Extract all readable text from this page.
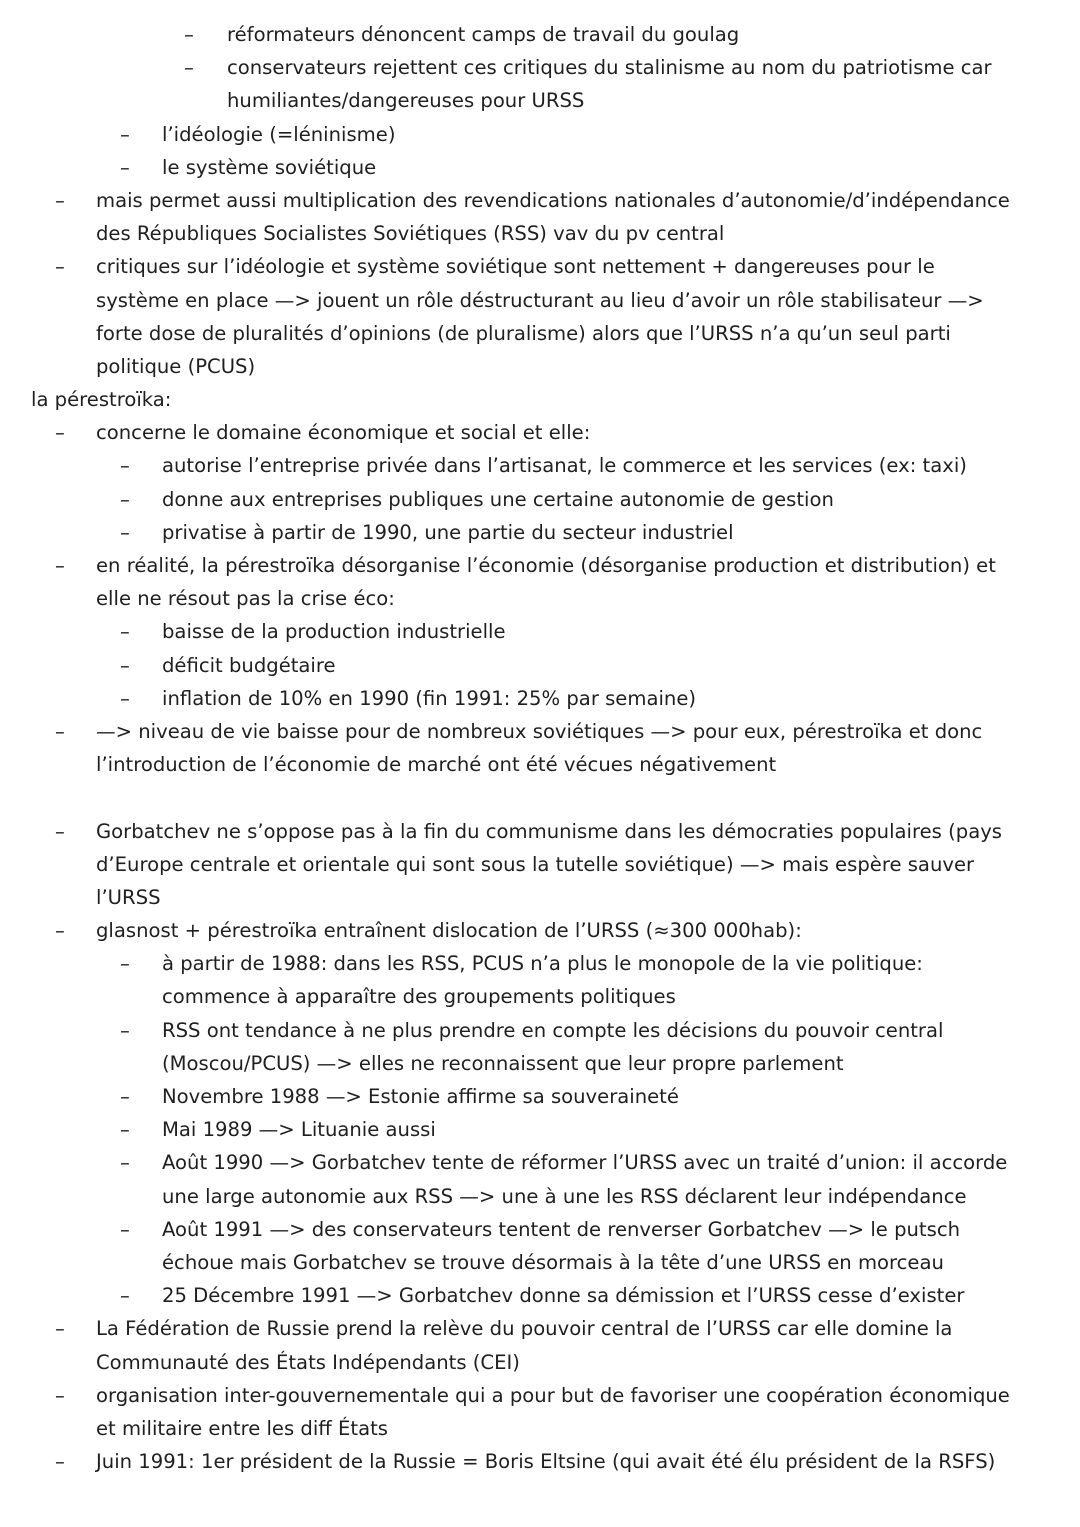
– réformateurs dénoncent camps de travail du goulag
– conservateurs rejettent ces critiques du stalinisme au nom du patriotisme car
humiliantes/dangereuses pour URSS
– l’idéologie (=léninisme)
– le système soviétique
– mais permet aussi multiplication des revendications nationales d’autonomie/d’indépendance
des Républiques Socialistes Soviétiques (RSS) vav du pv central
– critiques sur l’idéologie et système soviétique sont nettement + dangereuses pour le
système en place —> jouent un rôle déstructurant au lieu d’avoir un rôle stabilisateur —>
forte dose de pluralités d’opinions (de pluralisme) alors que l’URSS n’a qu’un seul parti
politique (PCUS)
la pérestroïka:
– concerne le domaine économique et social et elle:
– autorise l’entreprise privée dans l’artisanat, le commerce et les services (ex: taxi)
– donne aux entreprises publiques une certaine autonomie de gestion
– privatise à partir de 1990, une partie du secteur industriel
– en réalité, la pérestroïka désorganise l’économie (désorganise production et distribution) et
elle ne résout pas la crise éco:
– baisse de la production industrielle
– déficit budgétaire
– inflation de 10% en 1990 (fin 1991: 25% par semaine)
– —> niveau de vie baisse pour de nombreux soviétiques —> pour eux, pérestroïka et donc
l’introduction de l’économie de marché ont été vécues négativement
– Gorbatchev ne s’oppose pas à la fin du communisme dans les démocraties populaires (pays
d’Europe centrale et orientale qui sont sous la tutelle soviétique) —> mais espère sauver
l’URSS
– glasnost + pérestroïka entraînent dislocation de l’URSS (≈300 000hab):
– à partir de 1988: dans les RSS, PCUS n’a plus le monopole de la vie politique:
commence à apparaître des groupements politiques
– RSS ont tendance à ne plus prendre en compte les décisions du pouvoir central
(Moscou/PCUS) —> elles ne reconnaissent que leur propre parlement
– Novembre 1988 —> Estonie affirme sa souveraineté
– Mai 1989 —> Lituanie aussi
– Août 1990 —> Gorbatchev tente de réformer l’URSS avec un traité d’union: il accorde
une large autonomie aux RSS —> une à une les RSS déclarent leur indépendance
– Août 1991 —> des conservateurs tentent de renverser Gorbatchev —> le putsch
échoue mais Gorbatchev se trouve désormais à la tête d’une URSS en morceau
– 25 Décembre 1991 —> Gorbatchev donne sa démission et l’URSS cesse d’exister
– La Fédération de Russie prend la relève du pouvoir central de l’URSS car elle domine la
Communauté des États Indépendants (CEI)
– organisation inter-gouvernementale qui a pour but de favoriser une coopération économique
et militaire entre les diff États
– Juin 1991: 1er président de la Russie = Boris Eltsine (qui avait été élu président de la RSFS)
